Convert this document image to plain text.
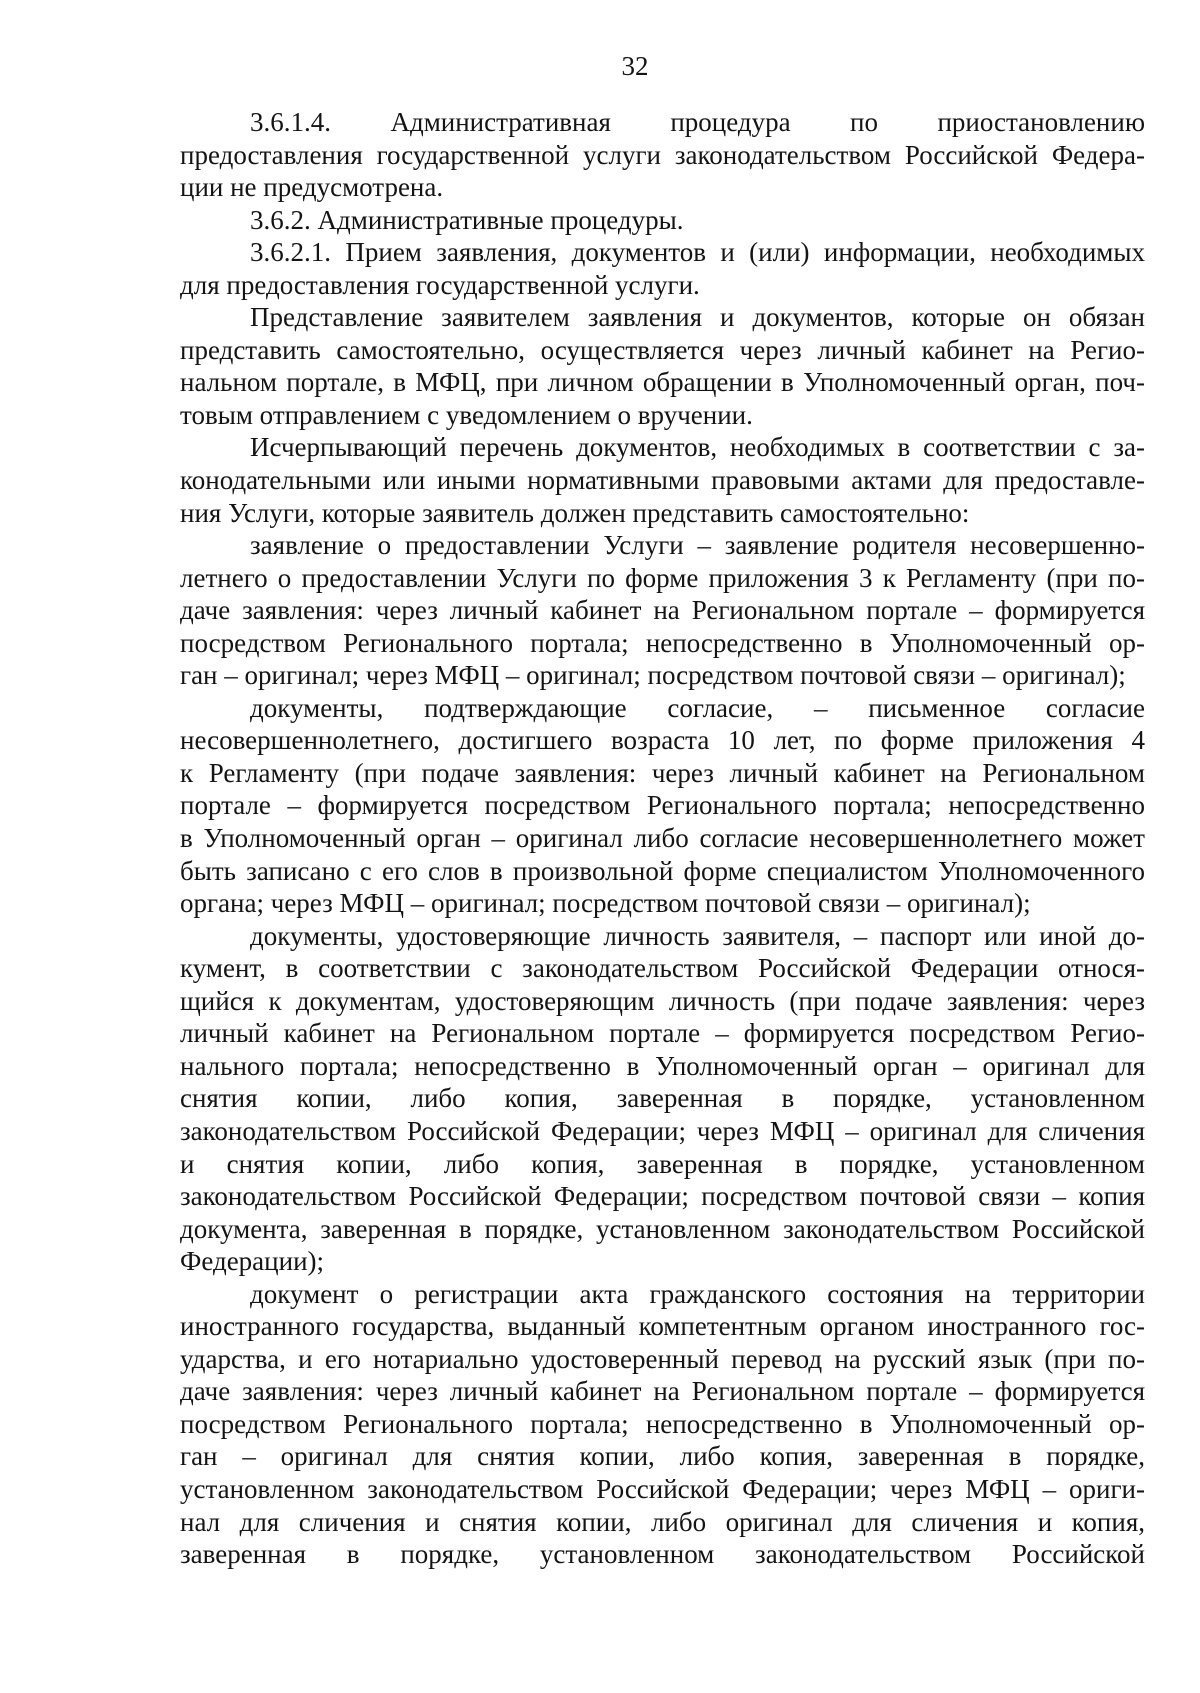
32
3.6.1.4. Административная процедура по приостановлению
предоставления государственной услуги законодательством Российской Федера-
ции не предусмотрена.
3.6.2. Административные процедуры.
3.6.2.1. Прием заявления, документов и (или) информации, необходимых
для предоставления государственной услуги.
Представление заявителем заявления и документов, которые он обязан
представить самостоятельно, осуществляется через личный кабинет на Регио-
нальном портале, в МФЦ, при личном обращении в Уполномоченный орган, поч-
товым отправлением с уведомлением о вручении.
Исчерпывающий перечень документов, необходимых в соответствии с за-
конодательными или иными нормативными правовыми актами для предоставле-
ния Услуги, которые заявитель должен представить самостоятельно:
заявление о предоставлении Услуги – заявление родителя несовершенно-
летнего о предоставлении Услуги по форме приложения 3 к Регламенту (при по-
даче заявления: через личный кабинет на Региональном портале – формируется
посредством Регионального портала; непосредственно в Уполномоченный ор-
ган – оригинал; через МФЦ – оригинал; посредством почтовой связи – оригинал);
документы, подтверждающие согласие, – письменное согласие
несовершеннолетнего, достигшего возраста 10 лет, по форме приложения 4
к Регламенту (при подаче заявления: через личный кабинет на Региональном
портале – формируется посредством Регионального портала; непосредственно
в Уполномоченный орган – оригинал либо согласие несовершеннолетнего может
быть записано с его слов в произвольной форме специалистом Уполномоченного
органа; через МФЦ – оригинал; посредством почтовой связи – оригинал);
документы, удостоверяющие личность заявителя, – паспорт или иной до-
кумент, в соответствии с законодательством Российской Федерации относя-
щийся к документам, удостоверяющим личность (при подаче заявления: через
личный кабинет на Региональном портале – формируется посредством Регио-
нального портала; непосредственно в Уполномоченный орган – оригинал для
снятия копии, либо копия, заверенная в порядке, установленном
законодательством Российской Федерации; через МФЦ – оригинал для сличения
и снятия копии, либо копия, заверенная в порядке, установленном
законодательством Российской Федерации; посредством почтовой связи – копия
документа, заверенная в порядке, установленном законодательством Российской
Федерации);
документ о регистрации акта гражданского состояния на территории
иностранного государства, выданный компетентным органом иностранного гос-
ударства, и его нотариально удостоверенный перевод на русский язык (при по-
даче заявления: через личный кабинет на Региональном портале – формируется
посредством Регионального портала; непосредственно в Уполномоченный ор-
ган – оригинал для снятия копии, либо копия, заверенная в порядке,
установленном законодательством Российской Федерации; через МФЦ – ориги-
нал для сличения и снятия копии, либо оригинал для сличения и копия,
заверенная в порядке, установленном законодательством Российской
